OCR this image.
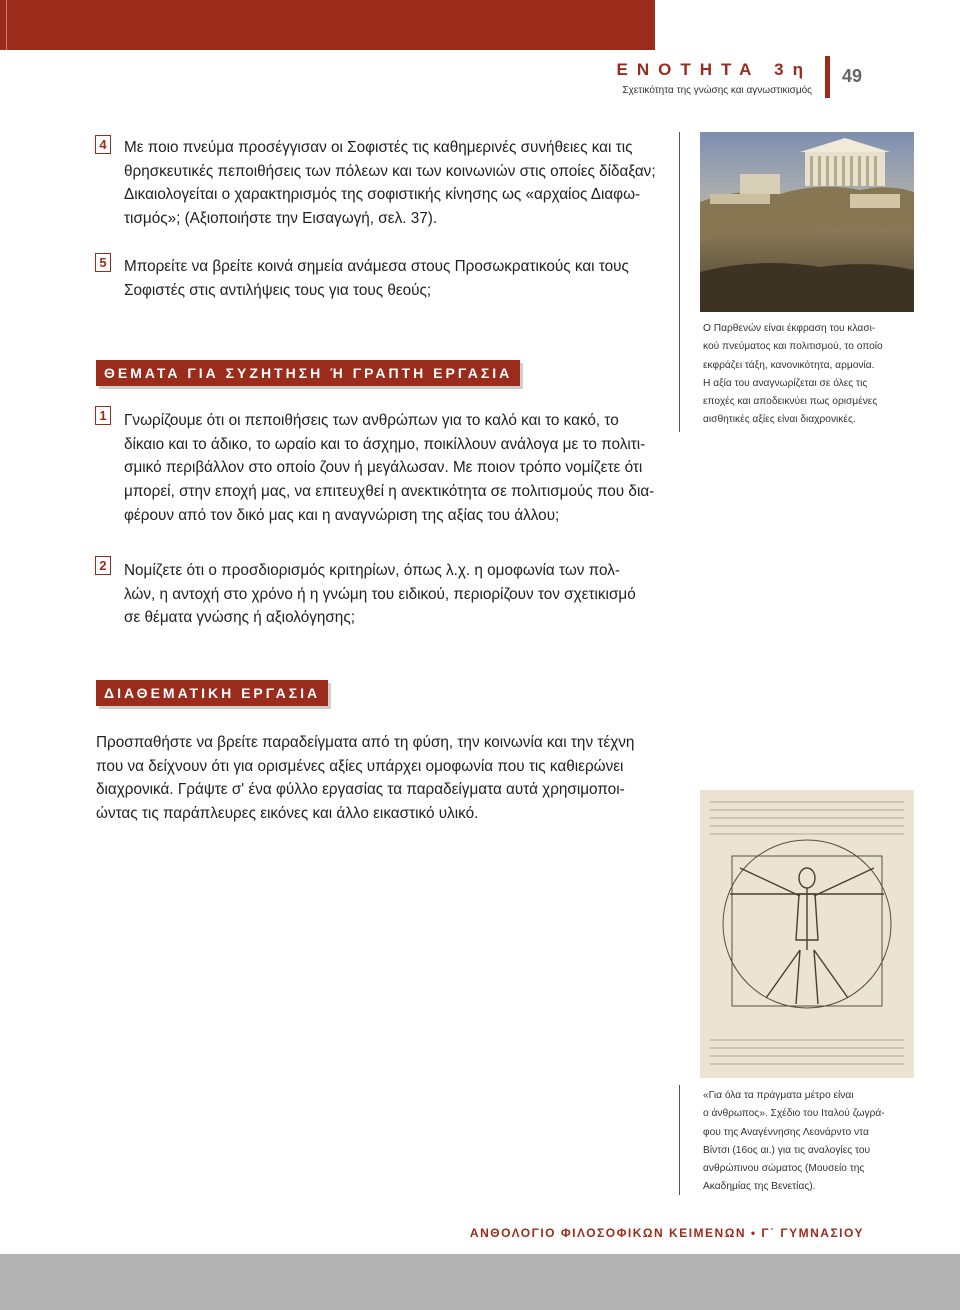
ΕΝΟΤΗΤΑ 3η
Σχετικότητα της γνώσης και αγνωστικισμός
49
4 Με ποιο πνεύμα προσέγγισαν οι Σοφιστές τις καθημερινές συνήθειες και τις
θρησκευτικές πεποιθήσεις των πόλεων και των κοινωνιών στις οποίες δίδαξαν;
Δικαιολογείται ο χαρακτηρισμός της σοφιστικής κίνησης ως «αρχαίος Διαφω-
τισμός»; (Αξιοποιήστε την Εισαγωγή, σελ. 37).
5 Μπορείτε να βρείτε κοινά σημεία ανάμεσα στους Προσωκρατικούς και τους
Σοφιστές στις αντιλήψεις τους για τους θεούς;
Ο Παρθενών είναι έκφραση του κλασι-
κού πνεύματος και πολιτισμού, το οποίο
εκφράζει τάξη, κανονικότητα, αρμονία.
Η αξία του αναγνωρίζεται σε όλες τις
εποχές και αποδεικνύει πως ορισμένες
αισθητικές αξίες είναι διαχρονικές.
ΘΕΜΑΤΑ ΓΙΑ ΣΥΖΗΤΗΣΗ Ή ΓΡΑΠΤΗ ΕΡΓΑΣΙΑ
1 Γνωρίζουμε ότι οι πεποιθήσεις των ανθρώπων για το καλό και το κακό, το
δίκαιο και το άδικο, το ωραίο και το άσχημο, ποικίλλουν ανάλογα με το πολιτι-
σμικό περιβάλλον στο οποίο ζουν ή μεγάλωσαν. Με ποιον τρόπο νομίζετε ότι
μπορεί, στην εποχή μας, να επιτευχθεί η ανεκτικότητα σε πολιτισμούς που δια-
φέρουν από τον δικό μας και η αναγνώριση της αξίας του άλλου;
2 Νομίζετε ότι ο προσδιορισμός κριτηρίων, όπως λ.χ. η ομοφωνία των πολ-
λών, η αντοχή στο χρόνο ή η γνώμη του ειδικού, περιορίζουν τον σχετικισμό
σε θέματα γνώσης ή αξιολόγησης;
ΔΙΑΘΕΜΑΤΙΚΗ ΕΡΓΑΣΙΑ
Προσπαθήστε να βρείτε παραδείγματα από τη φύση, την κοινωνία και την τέχνη
που να δείχνουν ότι για ορισμένες αξίες υπάρχει ομοφωνία που τις καθιερώνει
διαχρονικά. Γράψτε σ' ένα φύλλο εργασίας τα παραδείγματα αυτά χρησιμοποι-
ώντας τις παράπλευρες εικόνες και άλλο εικαστικό υλικό.
«Για όλα τα πράγματα μέτρο είναι
ο άνθρωπος». Σχέδιο του Ιταλού ζωγρά-
φου της Αναγέννησης Λεονάρντο ντα
Βίντσι (16ος αι.) για τις αναλογίες του
ανθρώπινου σώματος (Μουσείο της
Ακαδημίας της Βενετίας).
ΑΝΘΟΛΟΓΙΟ ΦΙΛΟΣΟΦΙΚΩΝ ΚΕΙΜΕΝΩΝ • Γ΄ ΓΥΜΝΑΣΙΟΥ
